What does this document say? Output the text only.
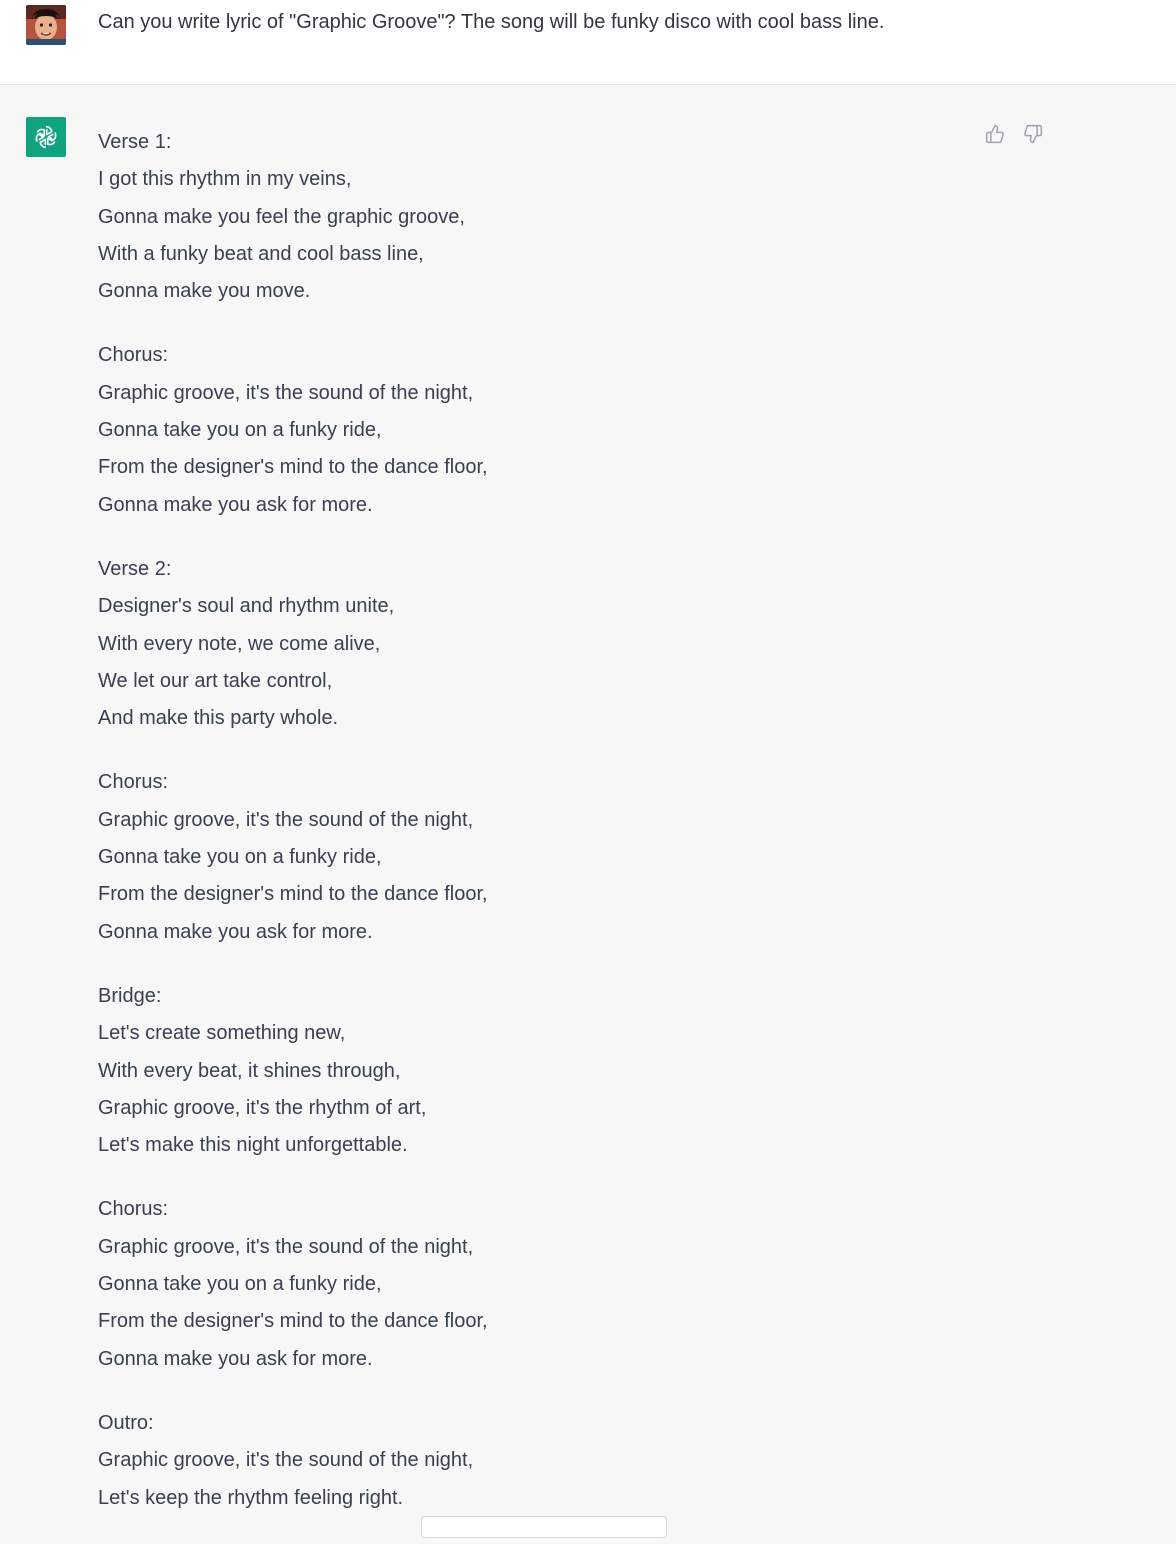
Can you write lyric of "Graphic Groove"? The song will be funky disco with cool bass line.
Verse 1:
I got this rhythm in my veins,
Gonna make you feel the graphic groove,
With a funky beat and cool bass line,
Gonna make you move.
Chorus:
Graphic groove, it's the sound of the night,
Gonna take you on a funky ride,
From the designer's mind to the dance floor,
Gonna make you ask for more.
Verse 2:
Designer's soul and rhythm unite,
With every note, we come alive,
We let our art take control,
And make this party whole.
Chorus:
Graphic groove, it's the sound of the night,
Gonna take you on a funky ride,
From the designer's mind to the dance floor,
Gonna make you ask for more.
Bridge:
Let's create something new,
With every beat, it shines through,
Graphic groove, it's the rhythm of art,
Let's make this night unforgettable.
Chorus:
Graphic groove, it's the sound of the night,
Gonna take you on a funky ride,
From the designer's mind to the dance floor,
Gonna make you ask for more.
Outro:
Graphic groove, it's the sound of the night,
Let's keep the rhythm feeling right.
